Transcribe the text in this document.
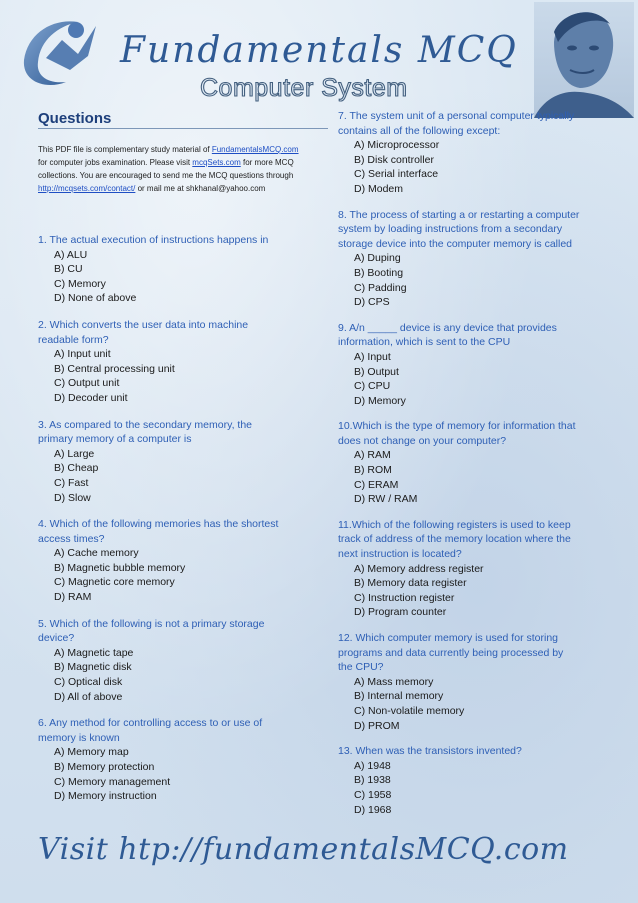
Fundamentals MCQ
Computer System
Questions
This PDF file is complementary study material of FundamentalsMCQ.com
for computer jobs examination. Please visit mcqSets.com for more MCQ
collections. You are encouraged to send me the MCQ questions through
http://mcqsets.com/contact/ or mail me at shkhanal@yahoo.com
1. The actual execution of instructions happens in
A) ALU
B) CU
C) Memory
D) None of above
2. Which converts the user data into machine
readable form?
A) Input unit
B) Central processing unit
C) Output unit
D) Decoder unit
3. As compared to the secondary memory, the
primary memory of a computer is
A) Large
B) Cheap
C) Fast
D) Slow
4. Which of the following memories has the shortest
access times?
A) Cache memory
B) Magnetic bubble memory
C) Magnetic core memory
D) RAM
5. Which of the following is not a primary storage
device?
A) Magnetic tape
B) Magnetic disk
C) Optical disk
D) All of above
6. Any method for controlling access to or use of
memory is known
A) Memory map
B) Memory protection
C) Memory management
D) Memory instruction
7. The system unit of a personal computer typically
contains all of the following except:
A) Microprocessor
B) Disk controller
C) Serial interface
D) Modem
8. The process of starting a or restarting a computer
system by loading instructions from a secondary
storage device into the computer memory is called
A) Duping
B) Booting
C) Padding
D) CPS
9. A/n _____ device is any device that provides
information, which is sent to the CPU
A) Input
B) Output
C) CPU
D) Memory
10.Which is the type of memory for information that
does not change on your computer?
A) RAM
B) ROM
C) ERAM
D) RW / RAM
11.Which of the following registers is used to keep
track of address of the memory location where the
next instruction is located?
A) Memory address register
B) Memory data register
C) Instruction register
D) Program counter
12. Which computer memory is used for storing
programs and data currently being processed by
the CPU?
A) Mass memory
B) Internal memory
C) Non-volatile memory
D) PROM
13. When was the transistors invented?
A) 1948
B) 1938
C) 1958
D) 1968
Visit htp://fundamentalsMCQ.com
